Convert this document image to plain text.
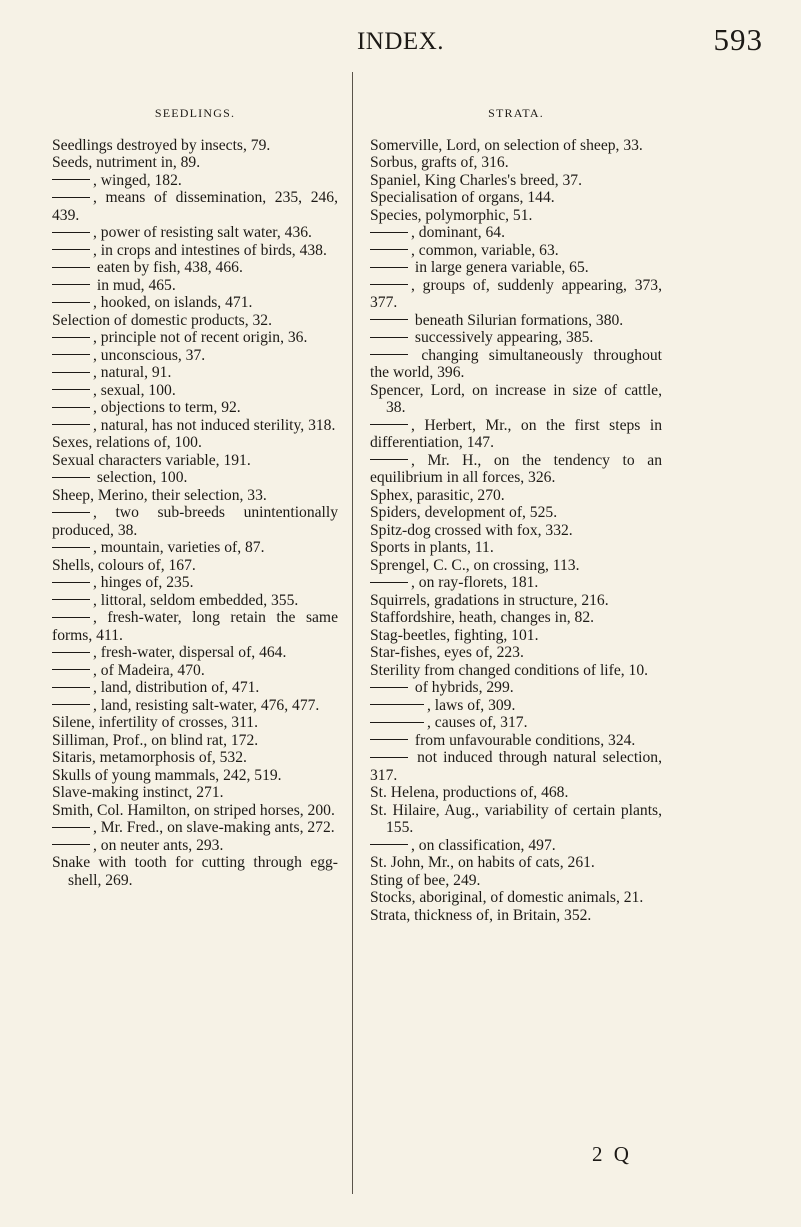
INDEX.	593
SEEDLINGS.
Seedlings destroyed by insects, 79.
Seeds, nutriment in, 89.
, winged, 182.
, means of dissemination, 235, 246, 439.
, power of resisting salt water, 436.
, in crops and intestines of birds, 438.
eaten by fish, 438, 466.
in mud, 465.
, hooked, on islands, 471.
Selection of domestic products, 32.
, principle not of recent origin, 36.
, unconscious, 37.
, natural, 91.
, sexual, 100.
, objections to term, 92.
, natural, has not induced sterility, 318.
Sexes, relations of, 100.
Sexual characters variable, 191.
selection, 100.
Sheep, Merino, their selection, 33.
, two sub-breeds unintentionally produced, 38.
, mountain, varieties of, 87.
Shells, colours of, 167.
, hinges of, 235.
, littoral, seldom embedded, 355.
, fresh-water, long retain the same forms, 411.
, fresh-water, dispersal of, 464.
, of Madeira, 470.
, land, distribution of, 471.
, land, resisting salt-water, 476, 477.
Silene, infertility of crosses, 311.
Silliman, Prof., on blind rat, 172.
Sitaris, metamorphosis of, 532.
Skulls of young mammals, 242, 519.
Slave-making instinct, 271.
Smith, Col. Hamilton, on striped horses, 200.
, Mr. Fred., on slave-making ants, 272.
, on neuter ants, 293.
Snake with tooth for cutting through egg-shell, 269.
STRATA.
Somerville, Lord, on selection of sheep, 33.
Sorbus, grafts of, 316.
Spaniel, King Charles's breed, 37.
Specialisation of organs, 144.
Species, polymorphic, 51.
, dominant, 64.
, common, variable, 63.
in large genera variable, 65.
, groups of, suddenly appearing, 373, 377.
beneath Silurian formations, 380.
successively appearing, 385.
changing simultaneously throughout the world, 396.
Spencer, Lord, on increase in size of cattle, 38.
, Herbert, Mr., on the first steps in differentiation, 147.
, Mr. H., on the tendency to an equilibrium in all forces, 326.
Sphex, parasitic, 270.
Spiders, development of, 525.
Spitz-dog crossed with fox, 332.
Sports in plants, 11.
Sprengel, C. C., on crossing, 113.
, on ray-florets, 181.
Squirrels, gradations in structure, 216.
Staffordshire, heath, changes in, 82.
Stag-beetles, fighting, 101.
Star-fishes, eyes of, 223.
Sterility from changed conditions of life, 10.
of hybrids, 299.
, laws of, 309.
, causes of, 317.
from unfavourable conditions, 324.
not induced through natural selection, 317.
St. Helena, productions of, 468.
St. Hilaire, Aug., variability of certain plants, 155.
, on classification, 497.
St. John, Mr., on habits of cats, 261.
Sting of bee, 249.
Stocks, aboriginal, of domestic animals, 21.
Strata, thickness of, in Britain, 352.
2 Q
